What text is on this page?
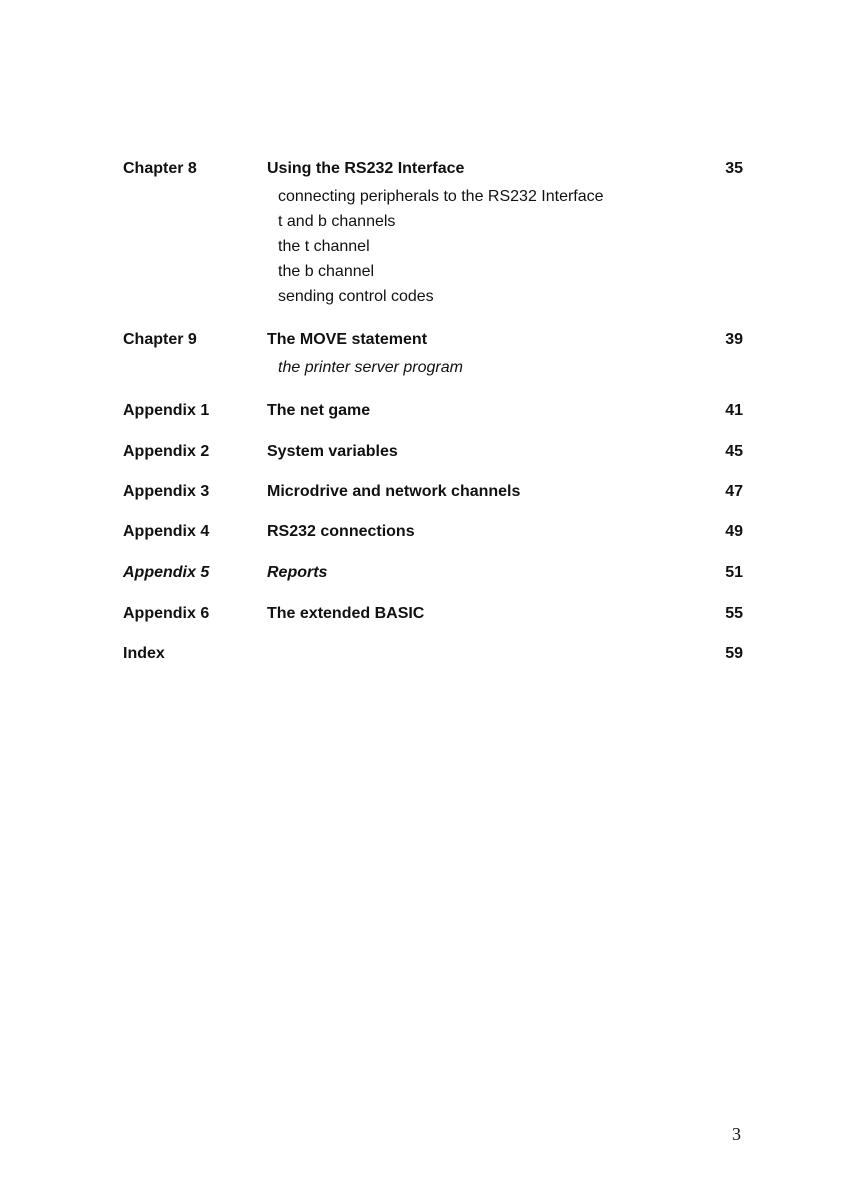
Chapter 8	Using the RS232 Interface	35
connecting peripherals to the RS232 Interface
t and b channels
the t channel
the b channel
sending control codes
Chapter 9	The MOVE statement	39
the printer server program
Appendix 1	The net game	41
Appendix 2	System variables	45
Appendix 3	Microdrive and network channels	47
Appendix 4	RS232 connections	49
Appendix 5	Reports	51
Appendix 6	The extended BASIC	55
Index	59
3
